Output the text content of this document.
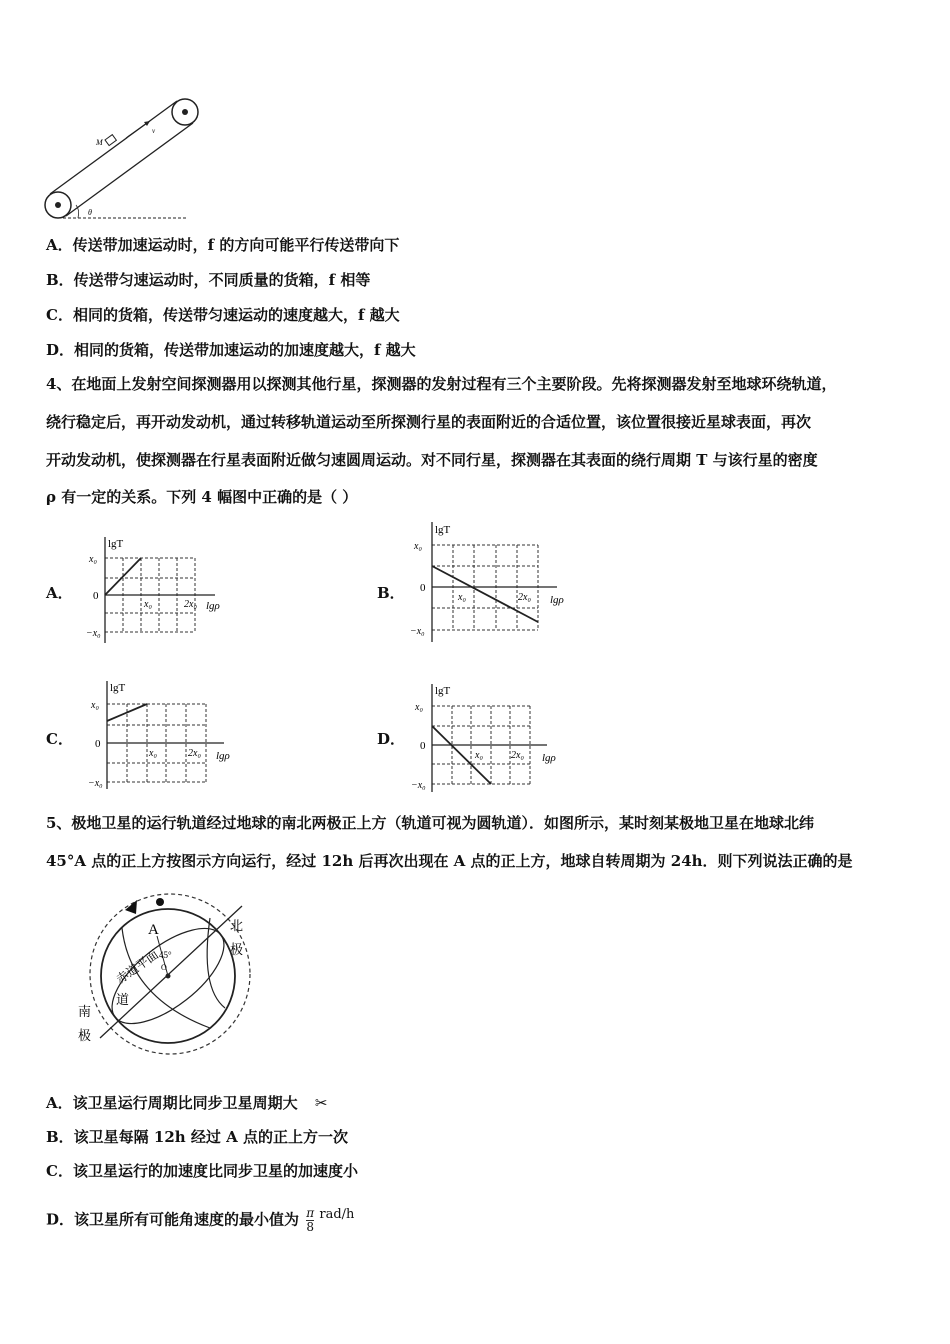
M
v
θ
A．传送带加速运动时，f 的方向可能平行传送带向下
B．传送带匀速运动时，不同质量的货箱，f 相等
C．相同的货箱，传送带匀速运动的速度越大，f 越大
D．相同的货箱，传送带加速运动的加速度越大，f 越大
4、在地面上发射空间探测器用以探测其他行星，探测器的发射过程有三个主要阶段。先将探测器发射至地球环绕轨道，
绕行稳定后，再开动发动机，通过转移轨道运动至所探测行星的表面附近的合适位置，该位置很接近星球表面，再次
开动发动机，使探测器在行星表面附近做匀速圆周运动。对不同行星，探测器在其表面的绕行周期 T 与该行星的密度
ρ 有一定的关系。下列 4 幅图中正确的是（ ）
A．	B．
C．	D．
lgT
x₀
0
−x₀
x₀	2x₀ lgρ
lgT
x₀
0
−x₀
x₀	2x₀ lgρ
lgT
x₀
0
−x₀
x₀	2x₀ lgρ
lgT
x₀
0
−x₀
x₀	2x₀ lgρ
5、极地卫星的运行轨道经过地球的南北两极正上方（轨道可视为圆轨道）．如图所示，某时刻某极地卫星在地球北纬
45°A 点的正上方按图示方向运行，经过 12h 后再次出现在 A 点的正上方，地球自转周期为 24h．则下列说法正确的是
A
45°
O
北
极
赤道平面
道
南
极
A．该卫星运行周期比同步卫星周期大 ✂
B．该卫星每隔 12h 经过 A 点的正上方一次
C．该卫星运行的加速度比同步卫星的加速度小
D．该卫星所有可能角速度的最小值为 $\frac{\pi}{8} rad/h$
